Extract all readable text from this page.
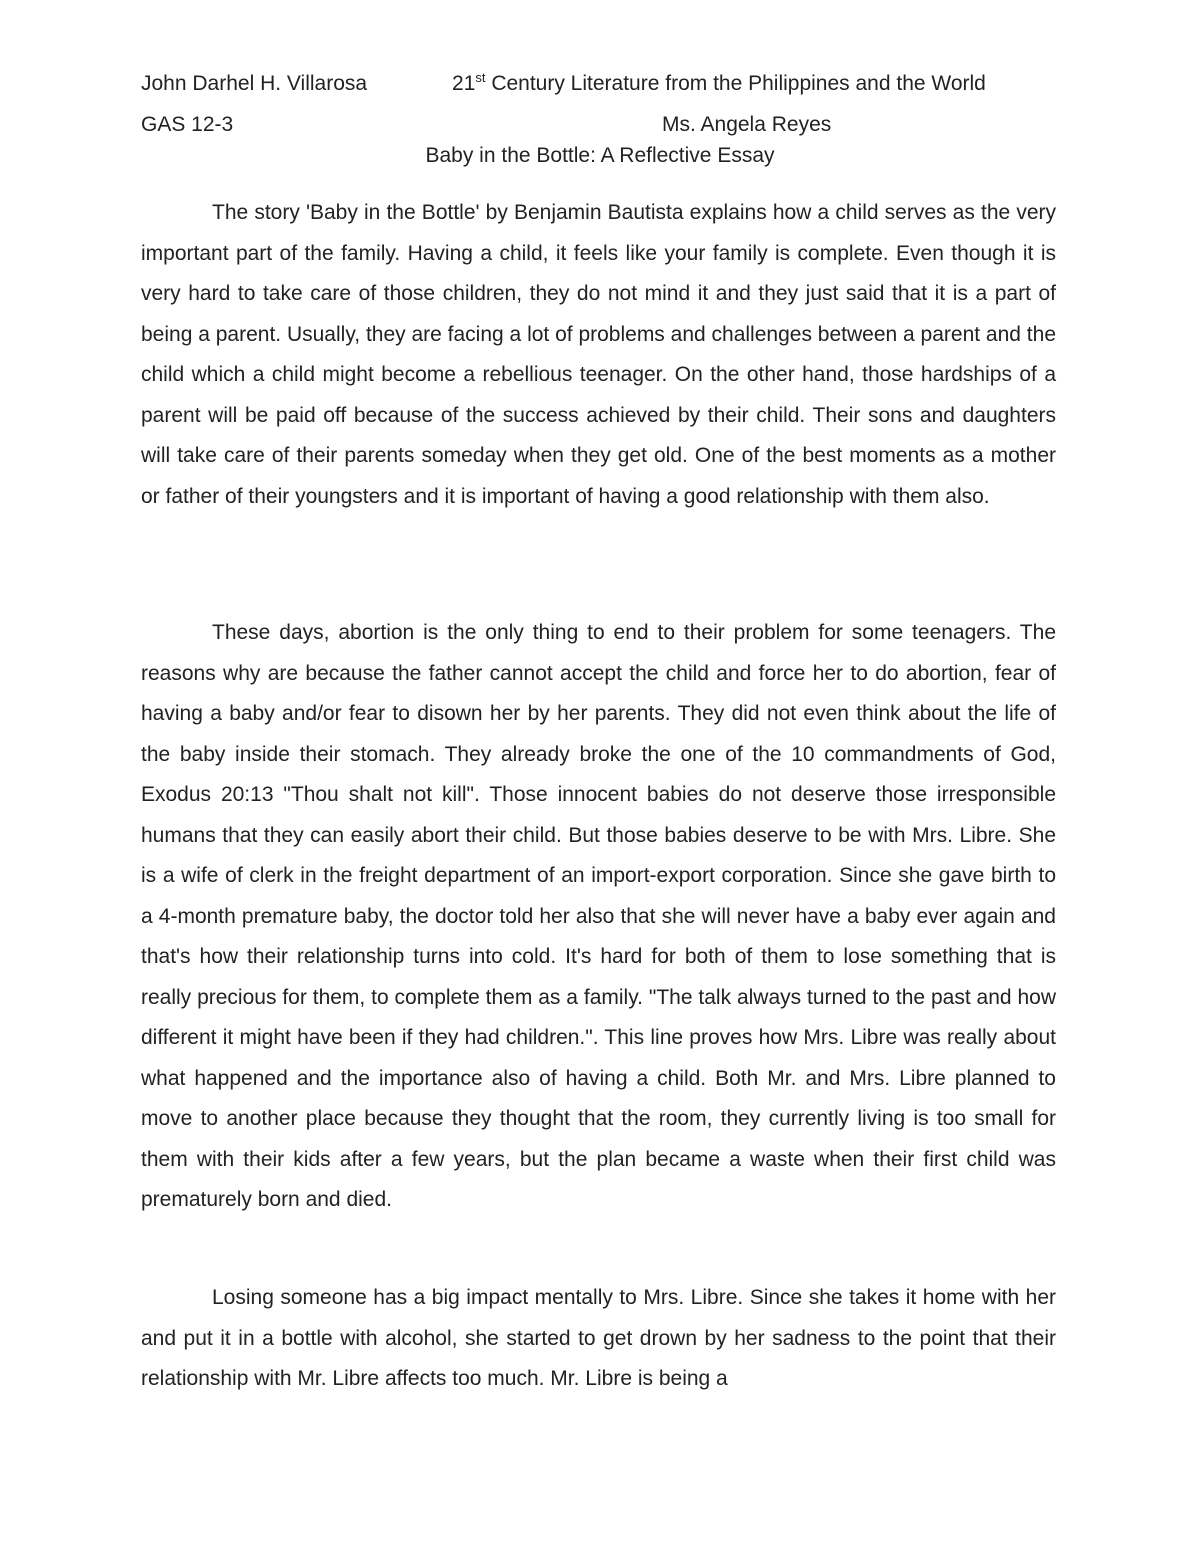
John Darhel H. Villarosa	21st Century Literature from the Philippines and the World
GAS 12-3	Ms. Angela Reyes
Baby in the Bottle: A Reflective Essay

The story 'Baby in the Bottle' by Benjamin Bautista explains how a child serves as the very important part of the family. Having a child, it feels like your family is complete. Even though it is very hard to take care of those children, they do not mind it and they just said that it is a part of being a parent. Usually, they are facing a lot of problems and challenges between a parent and the child which a child might become a rebellious teenager. On the other hand, those hardships of a parent will be paid off because of the success achieved by their child. Their sons and daughters will take care of their parents someday when they get old. One of the best moments as a mother or father of their youngsters and it is important of having a good relationship with them also.

These days, abortion is the only thing to end to their problem for some teenagers. The reasons why are because the father cannot accept the child and force her to do abortion, fear of having a baby and/or fear to disown her by her parents. They did not even think about the life of the baby inside their stomach. They already broke the one of the 10 commandments of God, Exodus 20:13 "Thou shalt not kill". Those innocent babies do not deserve those irresponsible humans that they can easily abort their child. But those babies deserve to be with Mrs. Libre. She is a wife of clerk in the freight department of an import-export corporation. Since she gave birth to a 4-month premature baby, the doctor told her also that she will never have a baby ever again and that's how their relationship turns into cold. It's hard for both of them to lose something that is really precious for them, to complete them as a family. "The talk always turned to the past and how different it might have been if they had children.". This line proves how Mrs. Libre was really about what happened and the importance also of having a child. Both Mr. and Mrs. Libre planned to move to another place because they thought that the room, they currently living is too small for them with their kids after a few years, but the plan became a waste when their first child was prematurely born and died.

Losing someone has a big impact mentally to Mrs. Libre. Since she takes it home with her and put it in a bottle with alcohol, she started to get drown by her sadness to the point that their relationship with Mr. Libre affects too much. Mr. Libre is being a
